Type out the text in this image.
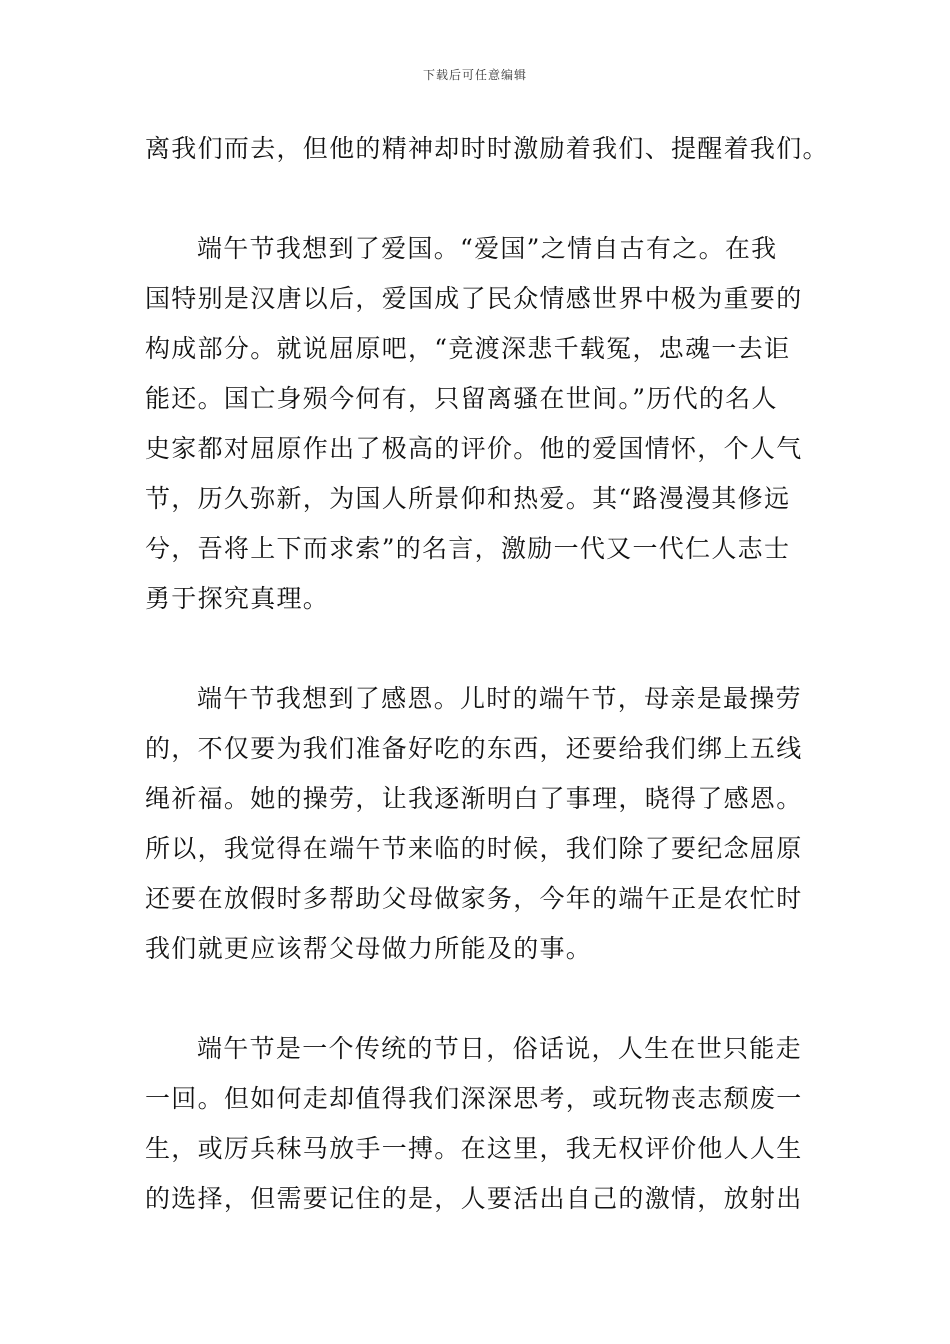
下载后可任意编辑
离我们而去，但他的精神却时时激励着我们、提醒着我们。
端午节我想到了爱国。“爱国”之情自古有之。在我
国特别是汉唐以后，爱国成了民众情感世界中极为重要的
构成部分。就说屈原吧，“竞渡深悲千载冤，忠魂一去讵
能还。国亡身殒今何有，只留离骚在世间。”历代的名人
史家都对屈原作出了极高的评价。他的爱国情怀，个人气
节，历久弥新，为国人所景仰和热爱。其“路漫漫其修远
兮，吾将上下而求索”的名言，激励一代又一代仁人志士
勇于探究真理。
端午节我想到了感恩。儿时的端午节，母亲是最操劳
的，不仅要为我们准备好吃的东西，还要给我们绑上五线
绳祈福。她的操劳，让我逐渐明白了事理，晓得了感恩。
所以，我觉得在端午节来临的时候，我们除了要纪念屈原
还要在放假时多帮助父母做家务，今年的端午正是农忙时
我们就更应该帮父母做力所能及的事。
端午节是一个传统的节日，俗话说，人生在世只能走
一回。但如何走却值得我们深深思考，或玩物丧志颓废一
生，或厉兵秣马放手一搏。在这里，我无权评价他人人生
的选择，但需要记住的是，人要活出自己的激情，放射出
